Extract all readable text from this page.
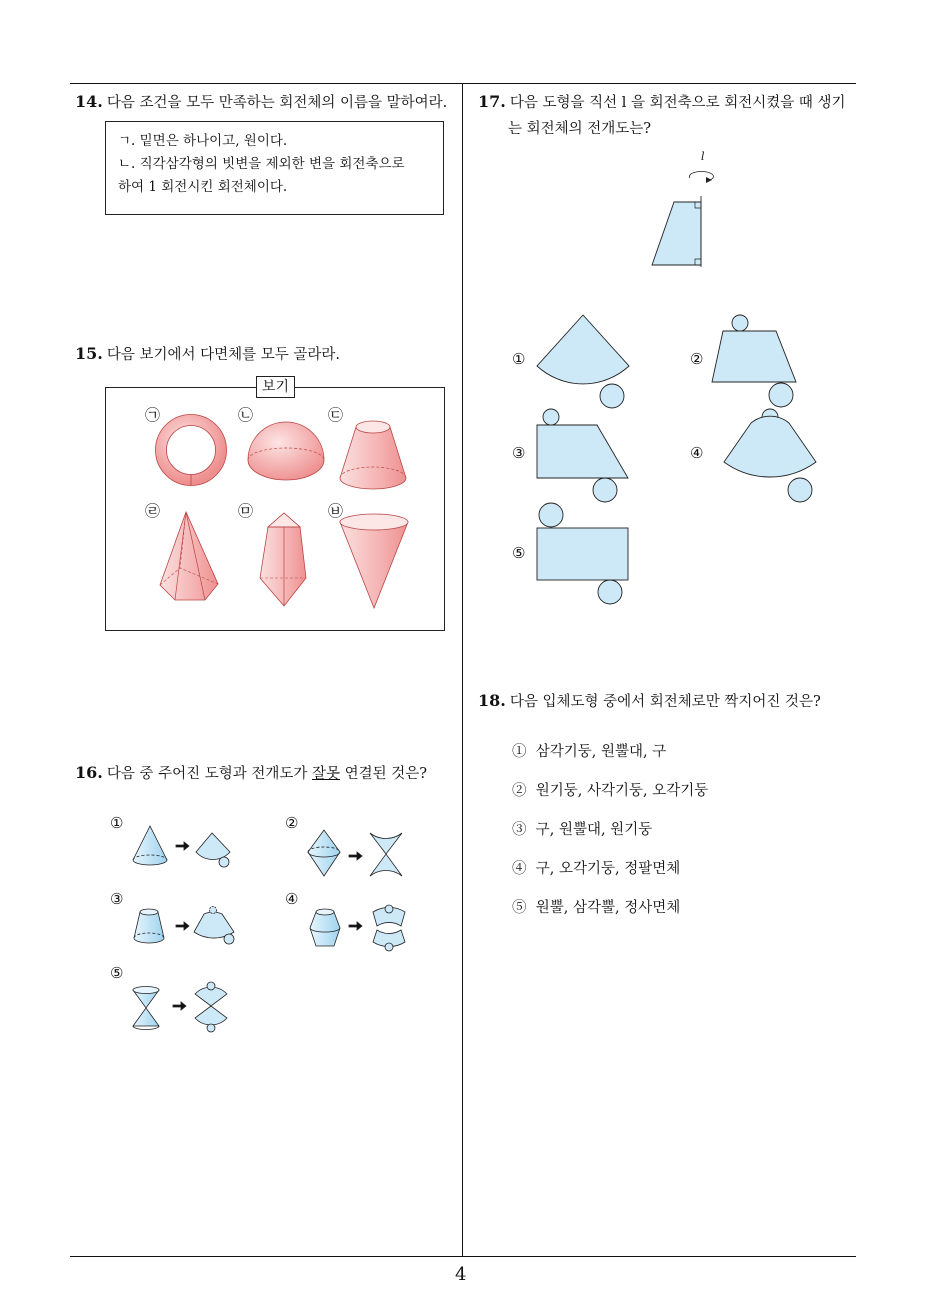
14. 다음 조건을 모두 만족하는 회전체의 이름을 말하여라.
ㄱ. 밑면은 하나이고, 원이다.
ㄴ. 직각삼각형의 빗변을 제외한 변을 회전축으로
하여 1 회전시킨 회전체이다.
15. 다음 보기에서 다면체를 모두 골라라.
보기
㉠	㉡	㉢
㉣	㉤	㉥
16. 다음 중 주어진 도형과 전개도가 잘못 연결된 것은?
①	②
③	④
⑤
17. 다음 도형을 직선 l 을 회전축으로 회전시켰을 때 생기
는 회전체의 전개도는?
l
①	②
③	④
⑤
18. 다음 입체도형 중에서 회전체로만 짝지어진 것은?
① 삼각기둥, 원뿔대, 구
② 원기둥, 사각기둥, 오각기둥
③ 구, 원뿔대, 원기둥
④ 구, 오각기둥, 정팔면체
⑤ 원뿔, 삼각뿔, 정사면체
4
